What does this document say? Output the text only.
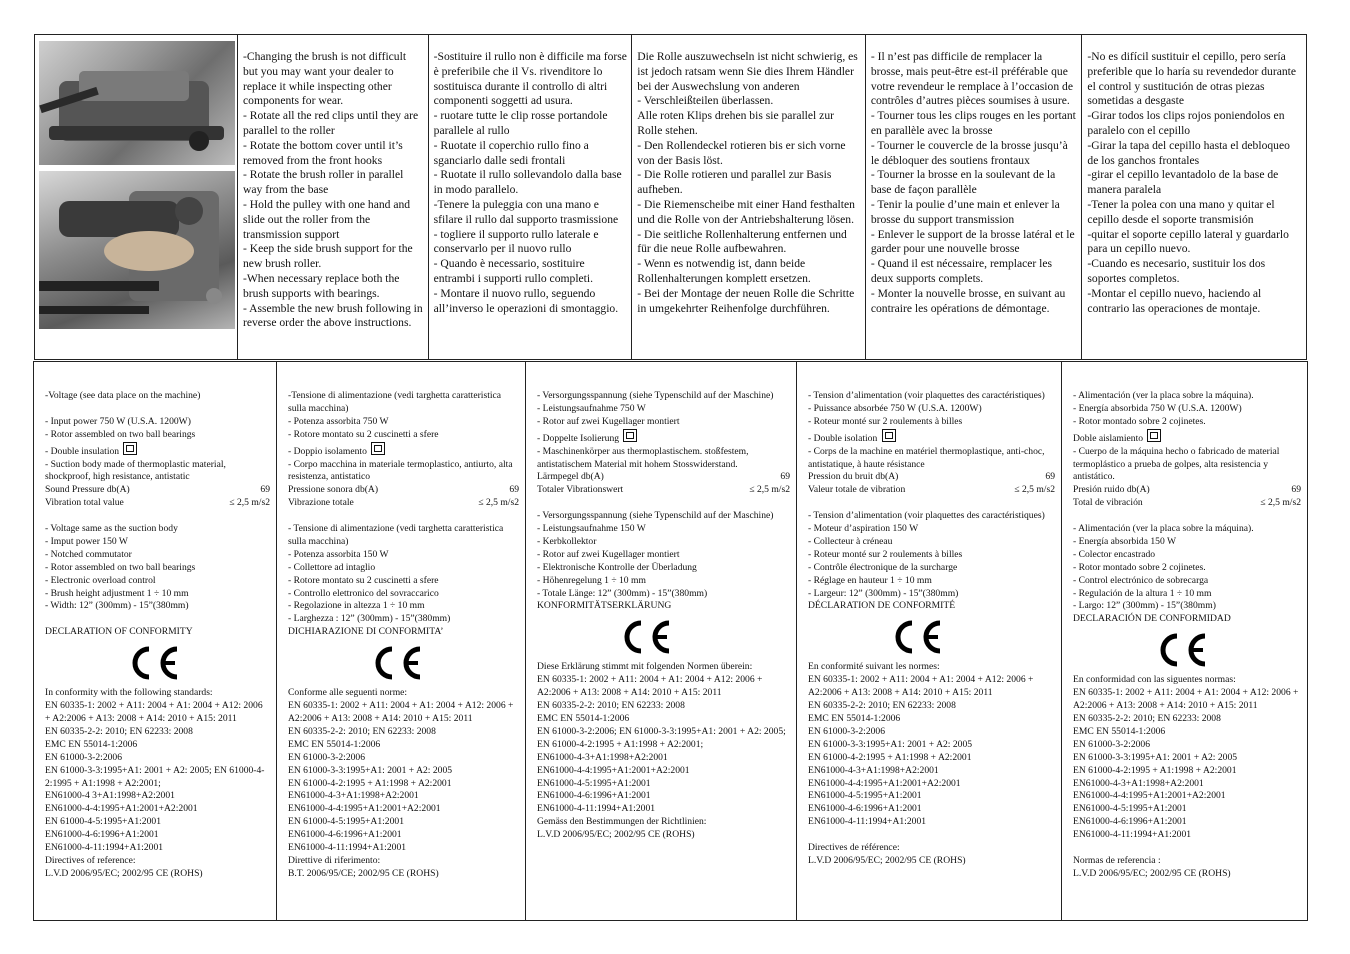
-Changing the brush is not difficult but you may want your dealer to replace it while inspecting other components for wear.
- Rotate all the red clips until they are parallel to the roller
- Rotate the bottom cover until it’s removed from the front hooks
- Rotate the brush roller in parallel way from the base
- Hold the pulley with one hand and slide out the roller from the transmission support
- Keep the side brush support for the new brush roller.
-When necessary replace both the brush supports with bearings.
- Assemble the new brush following in reverse order the above instructions.
-Sostituire il rullo non è difficile ma forse è preferibile che il Vs. rivenditore lo sostituisca durante il controllo di altri componenti soggetti ad usura.
- ruotare tutte le clip rosse portandole parallele al rullo
- Ruotate il coperchio rullo fino a sganciarlo dalle sedi frontali
- Ruotate il rullo sollevandolo dalla base in modo parallelo.
-Tenere la puleggia con una mano e sfilare il rullo dal supporto trasmissione
- togliere il supporto rullo laterale e conservarlo per il nuovo rullo
- Quando è necessario, sostituire entrambi i supporti rullo completi.
- Montare il nuovo rullo, seguendo all’inverso le operazioni di smontaggio.
Die Rolle auszuwechseln ist nicht schwierig, es ist jedoch ratsam wenn Sie dies Ihrem Händler bei der Auswechslung von anderen
- Verschleißteilen überlassen.
Alle roten Klips drehen bis sie parallel zur Rolle stehen.
- Den Rollendeckel rotieren bis er sich vorne von der Basis löst.
- Die Rolle rotieren und parallel zur Basis aufheben.
- Die Riemenscheibe mit einer Hand festhalten und die Rolle von der Antriebshalterung lösen.
- Die seitliche Rollenhalterung entfernen und für die neue Rolle aufbewahren.
- Wenn es notwendig ist, dann beide Rollenhalterungen komplett ersetzen.
- Bei der Montage der neuen Rolle die Schritte in umgekehrter Reihenfolge durchführen.
- Il n’est pas difficile de remplacer la brosse, mais peut-être est-il préférable que votre revendeur le remplace à l’occasion de contrôles d’autres pièces soumises à usure.
- Tourner tous les clips rouges en les portant en parallèle avec la brosse
- Tourner le couvercle de la brosse jusqu’à le débloquer des soutiens frontaux
- Tourner la brosse en la soulevant de la base de façon parallèle
- Tenir la poulie d’une main et enlever la brosse du support transmission
- Enlever le support de la brosse latéral et le garder pour une nouvelle brosse
- Quand il est nécessaire, remplacer les deux supports complets.
- Monter la nouvelle brosse, en suivant au contraire les opérations de démontage.
-No es difícil sustituir el cepillo, pero sería preferible que lo haría su revendedor durante el control y sustitución de otras piezas sometidas a desgaste
-Girar todos los clips rojos poniendolos en paralelo con el cepillo
-Girar la tapa del cepillo hasta el debloqueo de los ganchos frontales
-girar el cepillo levantadolo de la base de manera paralela
-Tener la polea con una mano y quitar el cepillo desde el soporte transmisión
-quitar el soporte cepillo lateral y guardarlo para un cepillo nuevo.
-Cuando es necesario, sustituir los dos soportes completos.
-Montar el cepillo nuevo, haciendo al contrario las operaciones de montaje.
-Voltage (see data place on the machine)

- Input power 750 W (U.S.A. 1200W)
- Rotor assembled on two ball bearings
- Double insulation
- Suction body made of thermoplastic material, shockproof, high resistance, antistatic
Sound Pressure db(A)	69
Vibration total value	≤ 2,5 m/s2
- Voltage same as the suction body
- Imput power 150 W
- Notched commutator
- Rotor assembled on two ball bearings
- Electronic overload control
- Brush height adjustment 1 ÷ 10 mm
- Width: 12” (300mm) - 15”(380mm)

DECLARATION OF CONFORMITY
In conformity with the following standards:
EN 60335-1: 2002 + A11: 2004 + A1: 2004 + A12: 2006 + A2:2006 + A13: 2008 + A14: 2010 + A15: 2011
EN 60335-2-2: 2010; EN 62233: 2008
EMC EN 55014-1:2006
EN 61000-3-2:2006
EN 61000-3-3:1995+A1: 2001 + A2: 2005; EN 61000-4-2:1995 + A1:1998 + A2:2001;
EN61000-4 3+A1:1998+A2:2001
EN61000-4-4:1995+A1:2001+A2:2001
EN 61000-4-5:1995+A1:2001
EN61000-4-6:1996+A1:2001
EN61000-4-11:1994+A1:2001
Directives of reference:
L.V.D 2006/95/EC; 2002/95 CE (ROHS)
-Tensione di alimentazione (vedi targhetta caratteristica sulla macchina)
- Potenza assorbita 750 W
- Rotore montato su 2 cuscinetti a sfere
- Doppio isolamento
- Corpo macchina in materiale termoplastico, antiurto, alta resistenza, antistatico
Pressione sonora db(A)	69
Vibrazione totale	≤ 2,5 m/s2
- Tensione di alimentazione (vedi targhetta caratteristica sulla macchina)
- Potenza assorbita 150 W
- Collettore ad intaglio
- Rotore montato su 2 cuscinetti a sfere
- Controllo elettronico del sovraccarico
- Regolazione in altezza 1 ÷ 10 mm
- Larghezza : 12” (300mm) - 15”(380mm)
DICHIARAZIONE DI CONFORMITA’
Conforme alle seguenti norme:
EN 60335-1: 2002 + A11: 2004 + A1: 2004 + A12: 2006 + A2:2006 + A13: 2008 + A14: 2010 + A15: 2011
EN 60335-2-2: 2010; EN 62233: 2008
EMC EN 55014-1:2006
EN 61000-3-2:2006
EN 61000-3-3:1995+A1: 2001 + A2: 2005
EN 61000-4-2:1995 + A1:1998 + A2:2001
EN61000-4-3+A1:1998+A2:2001
EN61000-4-4:1995+A1:2001+A2:2001
EN 61000-4-5:1995+A1:2001
EN61000-4-6:1996+A1:2001
EN61000-4-11:1994+A1:2001
Direttive di riferimento:
B.T. 2006/95/CE; 2002/95 CE (ROHS)
- Versorgungsspannung (siehe Typenschild auf der Maschine)
- Leistungsaufnahme 750 W
- Rotor auf zwei Kugellager montiert
- Doppelte Isolierung
- Maschinenkörper aus thermoplastischem. stoßfestem, antistatischem Material mit hohem Stosswiderstand.
Lärmpegel db(A)	69
Totaler Vibrationswert	≤ 2,5 m/s2
- Versorgungsspannung (siehe Typenschild auf der Maschine)
- Leistungsaufnahme 150 W
- Kerbkollektor
- Rotor auf zwei Kugellager montiert
- Elektronische Kontrolle der Überladung
- Höhenregelung 1 ÷ 10 mm
- Totale Länge: 12” (300mm) - 15”(380mm)
KONFORMITÄTSERKLÄRUNG
Diese Erklärung stimmt mit folgenden Normen überein:
EN 60335-1: 2002 + A11: 2004 + A1: 2004 + A12: 2006 + A2:2006 + A13: 2008 + A14: 2010 + A15: 2011
EN 60335-2-2: 2010; EN 62233: 2008
EMC EN 55014-1:2006
EN 61000-3-2:2006; EN 61000-3-3:1995+A1: 2001 + A2: 2005; EN 61000-4-2:1995 + A1:1998 + A2:2001;
EN61000-4-3+A1:1998+A2:2001
EN61000-4-4:1995+A1:2001+A2:2001
EN61000-4-5:1995+A1:2001
EN61000-4-6:1996+A1:2001
EN61000-4-11:1994+A1:2001
Gemäss den Bestimmungen der Richtlinien:
L.V.D 2006/95/EC; 2002/95 CE (ROHS)
- Tension d’alimentation (voir plaquettes des caractéristiques)
- Puissance absorbée 750 W (U.S.A. 1200W)
- Roteur monté sur 2 roulements à billes
- Double isolation
- Corps de la machine en matériel thermoplastique, anti-choc, antistatique, à haute résistance
Pression du bruit db(A)	69
Valeur totale de vibration	≤ 2,5 m/s2
- Tension d’alimentation (voir plaquettes des caractéristiques)
- Moteur d’aspiration 150 W
- Collecteur à créneau
- Roteur monté sur 2 roulements à billes
- Contrôle électronique de la surcharge
- Réglage en hauteur 1 ÷ 10 mm
- Largeur: 12” (300mm) - 15”(380mm)
DÉCLARATION DE CONFORMITÉ
En conformité suivant les normes:
EN 60335-1: 2002 + A11: 2004 + A1: 2004 + A12: 2006 + A2:2006 + A13: 2008 + A14: 2010 + A15: 2011
EN 60335-2-2: 2010; EN 62233: 2008
EMC EN 55014-1:2006
EN 61000-3-2:2006
EN 61000-3-3:1995+A1: 2001 + A2: 2005
EN 61000-4-2:1995 + A1:1998 + A2:2001
EN61000-4-3+A1:1998+A2:2001
EN61000-4-4:1995+A1:2001+A2:2001
EN61000-4-5:1995+A1:2001
EN61000-4-6:1996+A1:2001
EN61000-4-11:1994+A1:2001

Directives de référence:
L.V.D 2006/95/EC; 2002/95 CE (ROHS)
- Alimentación (ver la placa sobre la máquina).
- Energía absorbida 750 W (U.S.A. 1200W)
- Rotor montado sobre 2 cojinetes.
Doble aislamiento
- Cuerpo de la máquina hecho o fabricado de material termoplástico a prueba de golpes, alta resistencia y antistático.
Presión ruido db(A)	69
Total de vibración	≤ 2,5 m/s2
- Alimentación (ver la placa sobre la máquina).
- Energía absorbida 150 W
- Colector encastrado
- Rotor montado sobre 2 cojinetes.
- Control electrónico de sobrecarga
- Regulación de la altura 1 ÷ 10 mm
- Largo: 12” (300mm) - 15”(380mm)
DECLARACIÓN DE CONFORMIDAD
En conformidad con las siguentes normas:
EN 60335-1: 2002 + A11: 2004 + A1: 2004 + A12: 2006 + A2:2006 + A13: 2008 + A14: 2010 + A15: 2011
EN 60335-2-2: 2010; EN 62233: 2008
EMC EN 55014-1:2006
EN 61000-3-2:2006
EN 61000-3-3:1995+A1: 2001 + A2: 2005
EN 61000-4-2:1995 + A1:1998 + A2:2001
EN61000-4-3+A1:1998+A2:2001
EN61000-4-4:1995+A1:2001+A2:2001
EN61000-4-5:1995+A1:2001
EN61000-4-6:1996+A1:2001
EN61000-4-11:1994+A1:2001

Normas de referencia :
L.V.D 2006/95/EC; 2002/95 CE (ROHS)
